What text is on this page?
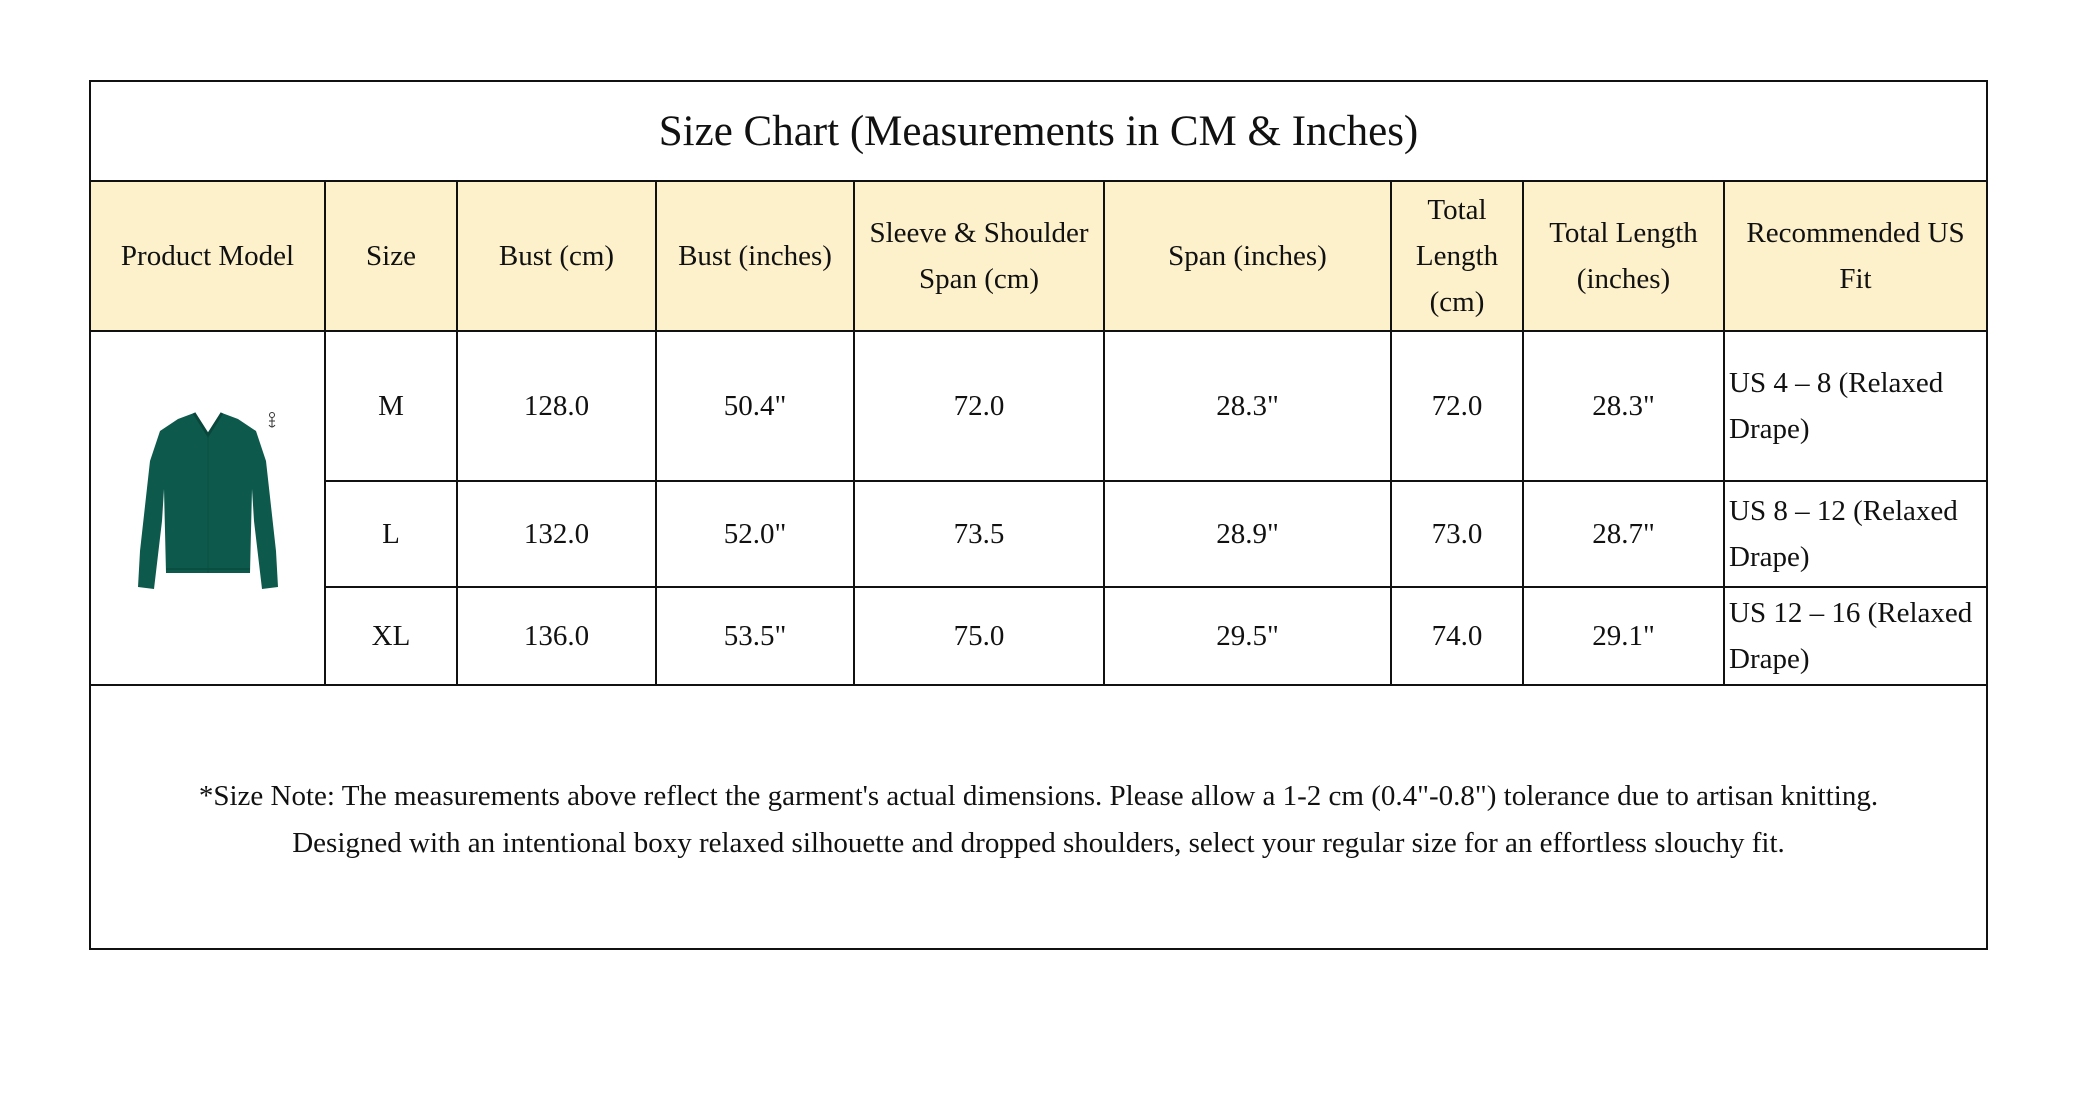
Size Chart (Measurements in CM & Inches)
Product Model	Size	Bust (cm)	Bust (inches)	Sleeve & Shoulder Span (cm)	Span (inches)	Total Length (cm)	Total Length (inches)	Recommended US Fit
	M	128.0	50.4"	72.0	28.3"	72.0	28.3"	US 4 – 8 (Relaxed Drape)
	L	132.0	52.0"	73.5	28.9"	73.0	28.7"	US 8 – 12 (Relaxed Drape)
	XL	136.0	53.5"	75.0	29.5"	74.0	29.1"	US 12 – 16 (Relaxed Drape)
*Size Note: The measurements above reflect the garment's actual dimensions. Please allow a 1-2 cm (0.4"-0.8") tolerance due to artisan knitting.
Designed with an intentional boxy relaxed silhouette and dropped shoulders, select your regular size for an effortless slouchy fit.
